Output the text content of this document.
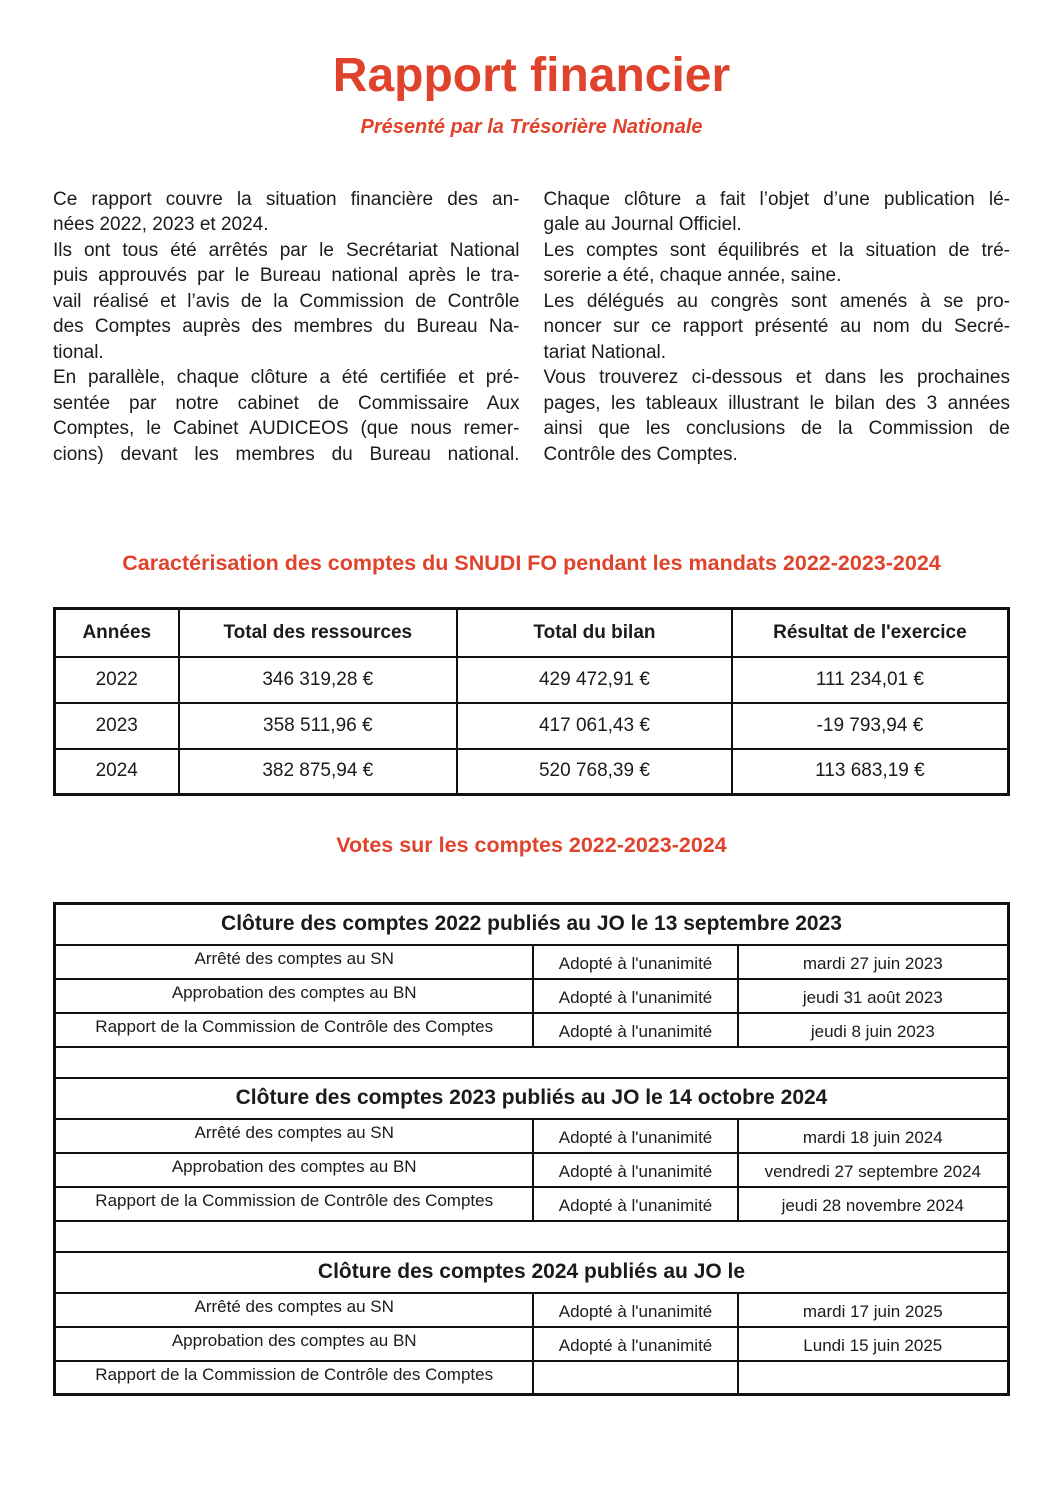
Rapport financier
Présenté par la Trésorière Nationale
Ce rapport couvre la situation financière des an-
nées 2022, 2023 et 2024.
Ils ont tous été arrêtés par le Secrétariat National
puis approuvés par le Bureau national après le tra-
vail réalisé et l’avis de la Commission de Contrôle
des Comptes auprès des membres du Bureau Na-
tional.
En parallèle, chaque clôture a été certifiée et pré-
sentée par notre cabinet de Commissaire Aux
Comptes, le Cabinet AUDICEOS (que nous remer-
cions) devant les membres du Bureau national.
Chaque clôture a fait l’objet d’une publication lé-
gale au Journal Officiel.
Les comptes sont équilibrés et la situation de tré-
sorerie a été, chaque année, saine.
Les délégués au congrès sont amenés à se pro-
noncer sur ce rapport présenté au nom du Secré-
tariat National.
Vous trouverez ci-dessous et dans les prochaines
pages, les tableaux illustrant le bilan des 3 années
ainsi que les conclusions de la Commission de
Contrôle des Comptes.
Caractérisation des comptes du SNUDI FO pendant les mandats 2022-2023-2024
Années	Total des ressources	Total du bilan	Résultat de l'exercice
2022	346 319,28 €	429 472,91 €	111 234,01 €
2023	358 511,96 €	417 061,43 €	-19 793,94 €
2024	382 875,94 €	520 768,39 €	113 683,19 €
Votes sur les comptes 2022-2023-2024
Clôture des comptes 2022 publiés au JO le 13 septembre 2023		
Arrêté des comptes au SN	Adopté à l'unanimité	mardi 27 juin 2023
Approbation des comptes au BN	Adopté à l'unanimité	jeudi 31 août 2023
Rapport de la Commission de Contrôle des Comptes	Adopté à l'unanimité	jeudi 8 juin 2023

Clôture des comptes 2023 publiés au JO le 14 octobre 2024		
Arrêté des comptes au SN	Adopté à l'unanimité	mardi 18 juin 2024
Approbation des comptes au BN	Adopté à l'unanimité	vendredi 27 septembre 2024
Rapport de la Commission de Contrôle des Comptes	Adopté à l'unanimité	jeudi 28 novembre 2024

Clôture des comptes 2024 publiés au JO le		
Arrêté des comptes au SN	Adopté à l'unanimité	mardi 17 juin 2025
Approbation des comptes au BN	Adopté à l'unanimité	Lundi 15 juin 2025
Rapport de la Commission de Contrôle des Comptes		
